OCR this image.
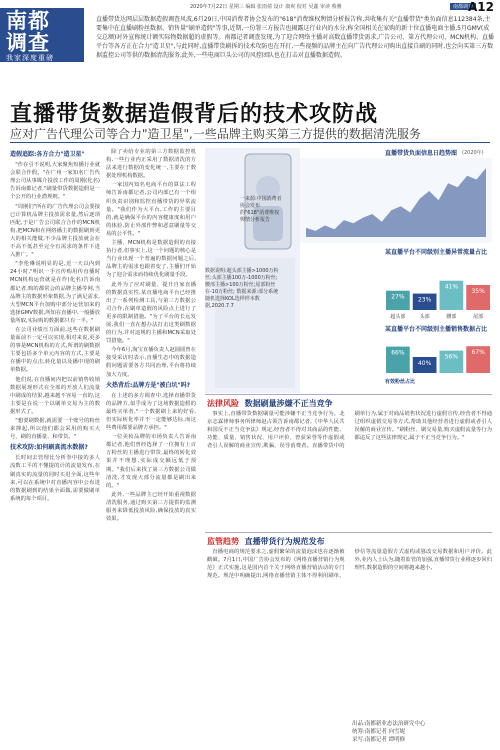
2020年7月22日 星期三 编辑 张雨倩 设计 康爽 校对 吴鑫 审读 蔡雅	南都调查
A12
南都
调查
我家深度重磅
直播带货达网层层数据造假调查风波,6月29日,中国消费者协会发布的"618"消费维权舆情分析报告称,共收集有关"直播带货"类负面信息112384条,主要集中在直播刷粉丝数据、销售量"刷单造假"等事,近期,一份署三方报告也揭露这行业内的水分,称全国相关在家购的新十位直播电商主播,5月GMV(成交总额)对外宣称统计额实际物数据超的虚假等。南都记者调查发现,为了迎合网络主播对高数直播带货需求,广告公司、第方代理公司、MCN机构、直播平台等各方正在合力"造卫星",与此同时,直播带货刷拆的技术攻防也在开打,一些视频的品牌主在向广告代理公司购出直接自刷的同时,也会向买第三方数据监控公司等供的数据清洗服务,此外,一些电商巨头公司的风控团队也在打击对直播数据造假。
直播带货数据造假背后的技术攻防战
应对广告代理公司等合力"造卫星",一些品牌主购买第三方提供的数据清洗服务

造假追踪:各方合力"造卫星"

"作在引不说明,大家聚焦短播行业就会联合作假。"在广州一家知名广告代理公司从事媒介投放工作的周刚(化名)告诉南都记者,"刷量带货数据造假是一个公开的行业潜规则。"

"周刚们"所在的广告代理公司会要接已计算机品牌主投放需求量,然后逐项匹配,于是广告公司联合合作的MCN机构,把MCN和在网络播主的数据刷到更大的相关能做,不少品牌主投放就会在不高不低甚至完全有需求的条件下进入推广。"

"李伦琳说明显的是,近一天以内到24小时,"明识一手宣传购用传直播时MCN机构运营就是在作(化名)告诉南都记者,购的都常会的品牌主播等网,当品牌主的数据形象数据,为了满足需求,大型MCN平台加购中部分运营加来的选择GMV数据,所知在直播中,一般播放量所取,实际购的数据都只有一半。"

在公司业绩压力面前,这些在数据刷量面前不一定可以实现,相对来说,更多的事是MCN机构的方式,所谓的刷数据主要包括多个单元内容的方式,主要是在播中的点击,转化量以及播中现的刷单数据。

他们说,在直播间内把以前销售收销数据展现形式在全部的开放人们流量中刷成的结果,越来越不容易一直的,这主要是在说一个以刷单交易为主的数据形式了。

"想要刷数据,就需要一个账号的粉丝来撑起,所以他们都会采用的购买大号、刷的直播量、和带货。"

技术攻防:如何刷真流水数据?

长时间去管理比分析拳中接的多人流数工平的不懂提的计的流量发布,在刷真实的流量的同时买进全面,这些年来,可以在系统中对直播内容中公布进的数据刷到的结果全面做,需要做刷单系统的每个项目。

除了卖给专业的第三方数据监控机构,一些行业内正采用了数据清洗的方法来进行数据的变化统一,主要在于数据处理机构数据。

一家国内知名电商平台的算法工程师告诉南都记者,公司内部已有一个组织负责识别和监控直播带货的异常流量。"我们作为大平台,工作的主要目的,就是确保平台的内容健康度和用户的体验,防止外部作弊和恶意刷量等交易的公平性。"

主播、MCN机构是数据造假的直接执行者,但事实上,这一个问题的核心是当行业出现一个普遍的数据问题之后,品牌主的需求也跟着变了,主播们开始为了迎合需求而持续优化刷量手段。

此外为了应对刷量、提升自家直播的数据真实性,某直播电商平台已经推出了一系列检测工具,与第三方数据公司合作,在刷单造假的风险点上进行了更多的限制措施。"为了平台的长远发展,我们一直在想办法打击这类刷数据的行为,并对违规的主播和MCN采取处罚措施。"

今年6月,淘宝直播负责人赵圆圆曾在接受采访时表示,直播生态中的数据造假问题需要各方共同治理,平台将持续加大力度。

火热背后:品牌方是"被白坑"吗?

在上述的多方调查中,选择直播带货的品牌方,似乎成为了这场数据造假的最终买单者,"一个数据刷上来的好看,但实际转化率并不一定能够达标,而这些费用都要品牌方承担。"

一位美妆品牌的市场负责人告诉南都记者,他们曾经选择了一位拥有上百万粉丝的主播进行带货,最终的转化效果并不理想,实际成交额远低于预期。"我们后来找了第三方数据公司做清洗,才发现大部分流量都是刷出来的。"

此外,一些品牌主已经开始重视数据清洗服务,通过购买第三方提供的监测服务来降低投放风险,确保投放的真实效果。

一来源:中国消费者协会发布的"618"消费维权舆情分析报告
数据说明:超头部主播>1000万粉丝;头部主播100万-1000万粉丝;腰部主播>100万粉丝;尾部粉丝在-10万粉丝; 数据来源:部分系统随机选择KOL选样样本数据,2020.7.7
直播带货负面信息日趋势图 (2020年)
某直播平台不同级别主播异常流量占比
27%
超头部
23%
头部
41%
腰部
35%
尾部
某直播平台不同级别主播销售数据占比
66%
40%
56%
67%
有效粉丝占比
法律风险 数据刷量涉嫌不正当竞争

事实上,直播带货数据刷量可能涉嫌不正当竞争行为。北京志霖律师事务所律师赵占领告诉南都记者,《中华人民共和国反不正当竞争法》规定,经营者不得对其商品的性能、功能、质量、销售状况、用户评价、曾获荣誉等作虚假或者引人误解的商业宣传,欺骗、误导消费者。直播带货中的刷单行为,属于对商品销售状况进行虚假宣传,经营者不得通过组织虚假交易等方式,帮助其他经营者进行虚假或者引人误解的商业宣传。"刷粉丝、刷交易量,购买虚假流量等行为都违反了这些法律规定,属于不正当竞争行为。"

监管趋势 直播带货行为规范发布

直播电商的规范要求之,虚假繁荣的流量泡沫也在逐渐被戳破。7月1日,中国广告协会发布的《网络直播营销行为规范》正式实施,这是国内首个关于网络直播营销活动的专门规范。规范中明确提出,网络直播营销主体不得利用刷单、炒信等流量造假方式虚构或篡改交易数据和用户评价。此外,业内人士认为,随着监管的加强,直播带货行业将逐步回归理性,数据造假的空间将越来越小。

出品:南都新业态法治研究中心
统筹:南都记者 向雪妮
采写:南都记者 谭明修
